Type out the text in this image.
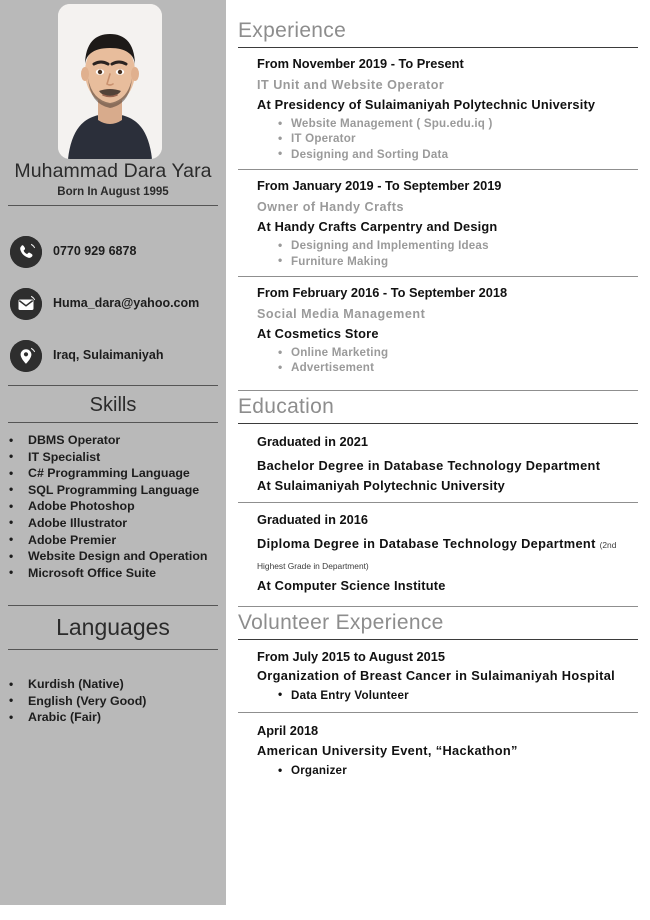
Muhammad Dara Yara
Born In August 1995
0770 929 6878
Huma_dara@yahoo.com
Iraq, Sulaimaniyah
Skills
• DBMS Operator
• IT Specialist
• C# Programming Language
• SQL Programming Language
• Adobe Photoshop
• Adobe Illustrator
• Adobe Premier
• Website Design and Operation
• Microsoft Office Suite
Languages
• Kurdish (Native)
• English (Very Good)
• Arabic (Fair)
Experience
From November 2019 - To Present
IT Unit and Website Operator
At Presidency of Sulaimaniyah Polytechnic University
• Website Management ( Spu.edu.iq )
• IT Operator
• Designing and Sorting Data
From January 2019 - To September 2019
Owner of Handy Crafts
At Handy Crafts Carpentry and Design
• Designing and Implementing Ideas
• Furniture Making
From February 2016 - To September 2018
Social Media Management
At Cosmetics Store
• Online Marketing
• Advertisement
Education
Graduated in 2021
Bachelor Degree in Database Technology Department
At Sulaimaniyah Polytechnic University
Graduated in 2016
Diploma Degree in Database Technology Department (2nd Highest Grade in Department)
At Computer Science Institute
Volunteer Experience
From July 2015 to August 2015
Organization of Breast Cancer in Sulaimaniyah Hospital
• Data Entry Volunteer
April 2018
American University Event, “Hackathon”
• Organizer
